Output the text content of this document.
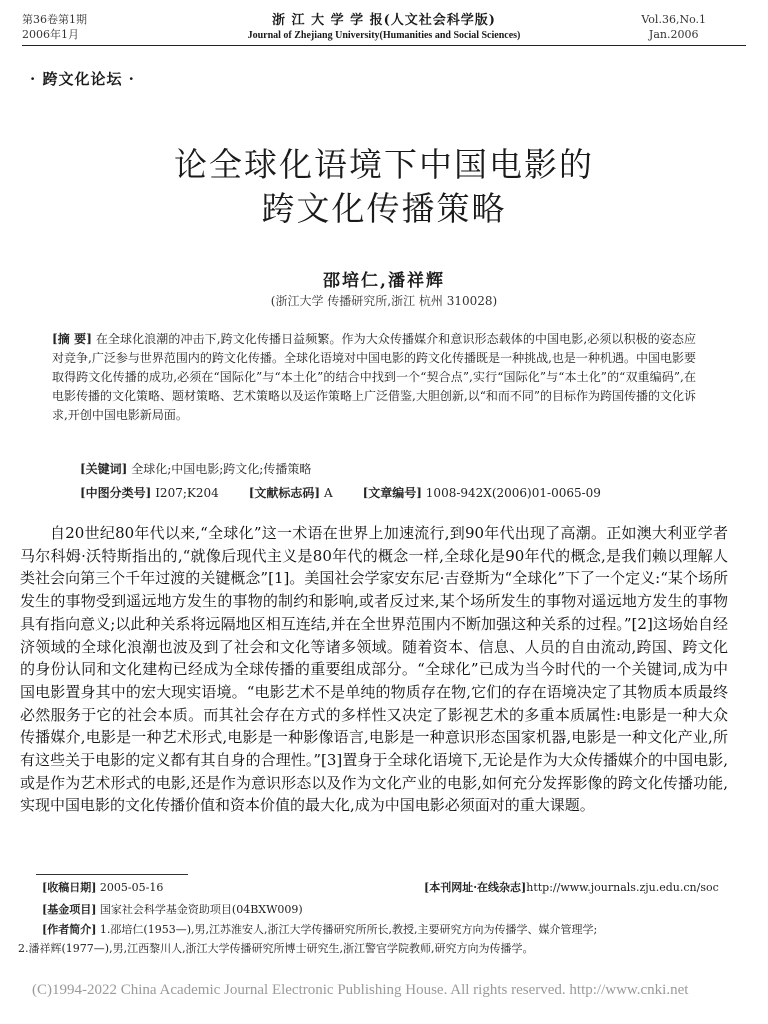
第36卷第1期
2006年1月
浙 江 大 学 学 报(人文社会科学版)
Journal of Zhejiang University(Humanities and Social Sciences)
Vol.36,No.1
Jan.2006
· 跨文化论坛 ·
论全球化语境下中国电影的
跨文化传播策略
邵培仁,潘祥辉
(浙江大学 传播研究所,浙江 杭州 310028)
[摘 要] 在全球化浪潮的冲击下,跨文化传播日益频繁。作为大众传播媒介和意识形态载体的中国电影,必须以积极的姿态应对竞争,广泛参与世界范围内的跨文化传播。全球化语境对中国电影的跨文化传播既是一种挑战,也是一种机遇。中国电影要取得跨文化传播的成功,必须在“国际化”与“本土化”的结合中找到一个“契合点”,实行“国际化”与“本土化”的“双重编码”,在电影传播的文化策略、题材策略、艺术策略以及运作策略上广泛借鉴,大胆创新,以“和而不同”的目标作为跨国传播的文化诉求,开创中国电影新局面。
[关键词] 全球化;中国电影;跨文化;传播策略
[中图分类号] I207;K204	[文献标志码] A	[文章编号] 1008-942X(2006)01-0065-09
自20世纪80年代以来,“全球化”这一术语在世界上加速流行,到90年代出现了高潮。正如澳大利亚学者马尔科姆·沃特斯指出的,“就像后现代主义是80年代的概念一样,全球化是90年代的概念,是我们赖以理解人类社会向第三个千年过渡的关键概念”[1]。美国社会学家安东尼·吉登斯为“全球化”下了一个定义:“某个场所发生的事物受到遥远地方发生的事物的制约和影响,或者反过来,某个场所发生的事物对遥远地方发生的事物具有指向意义;以此种关系将远隔地区相互连结,并在全世界范围内不断加强这种关系的过程。”[2]这场始自经济领域的全球化浪潮也波及到了社会和文化等诸多领域。随着资本、信息、人员的自由流动,跨国、跨文化的身份认同和文化建构已经成为全球传播的重要组成部分。“全球化”已成为当今时代的一个关键词,成为中国电影置身其中的宏大现实语境。“电影艺术不是单纯的物质存在物,它们的存在语境决定了其物质本质最终必然服务于它的社会本质。而其社会存在方式的多样性又决定了影视艺术的多重本质属性:电影是一种大众传播媒介,电影是一种艺术形式,电影是一种影像语言,电影是一种意识形态国家机器,电影是一种文化产业,所有这些关于电影的定义都有其自身的合理性。”[3]置身于全球化语境下,无论是作为大众传播媒介的中国电影,或是作为艺术形式的电影,还是作为意识形态以及作为文化产业的电影,如何充分发挥影像的跨文化传播功能,实现中国电影的文化传播价值和资本价值的最大化,成为中国电影必须面对的重大课题。
[收稿日期] 2005-05-16	[本刊网址·在线杂志]http://www.journals.zju.edu.cn/soc
[基金项目] 国家社会科学基金资助项目(04BXW009)
[作者简介] 1.邵培仁(1953—),男,江苏淮安人,浙江大学传播研究所所长,教授,主要研究方向为传播学、媒介管理学;
2.潘祥辉(1977—),男,江西黎川人,浙江大学传播研究所博士研究生,浙江警官学院教师,研究方向为传播学。
(C)1994-2022 China Academic Journal Electronic Publishing House. All rights reserved. http://www.cnki.net
